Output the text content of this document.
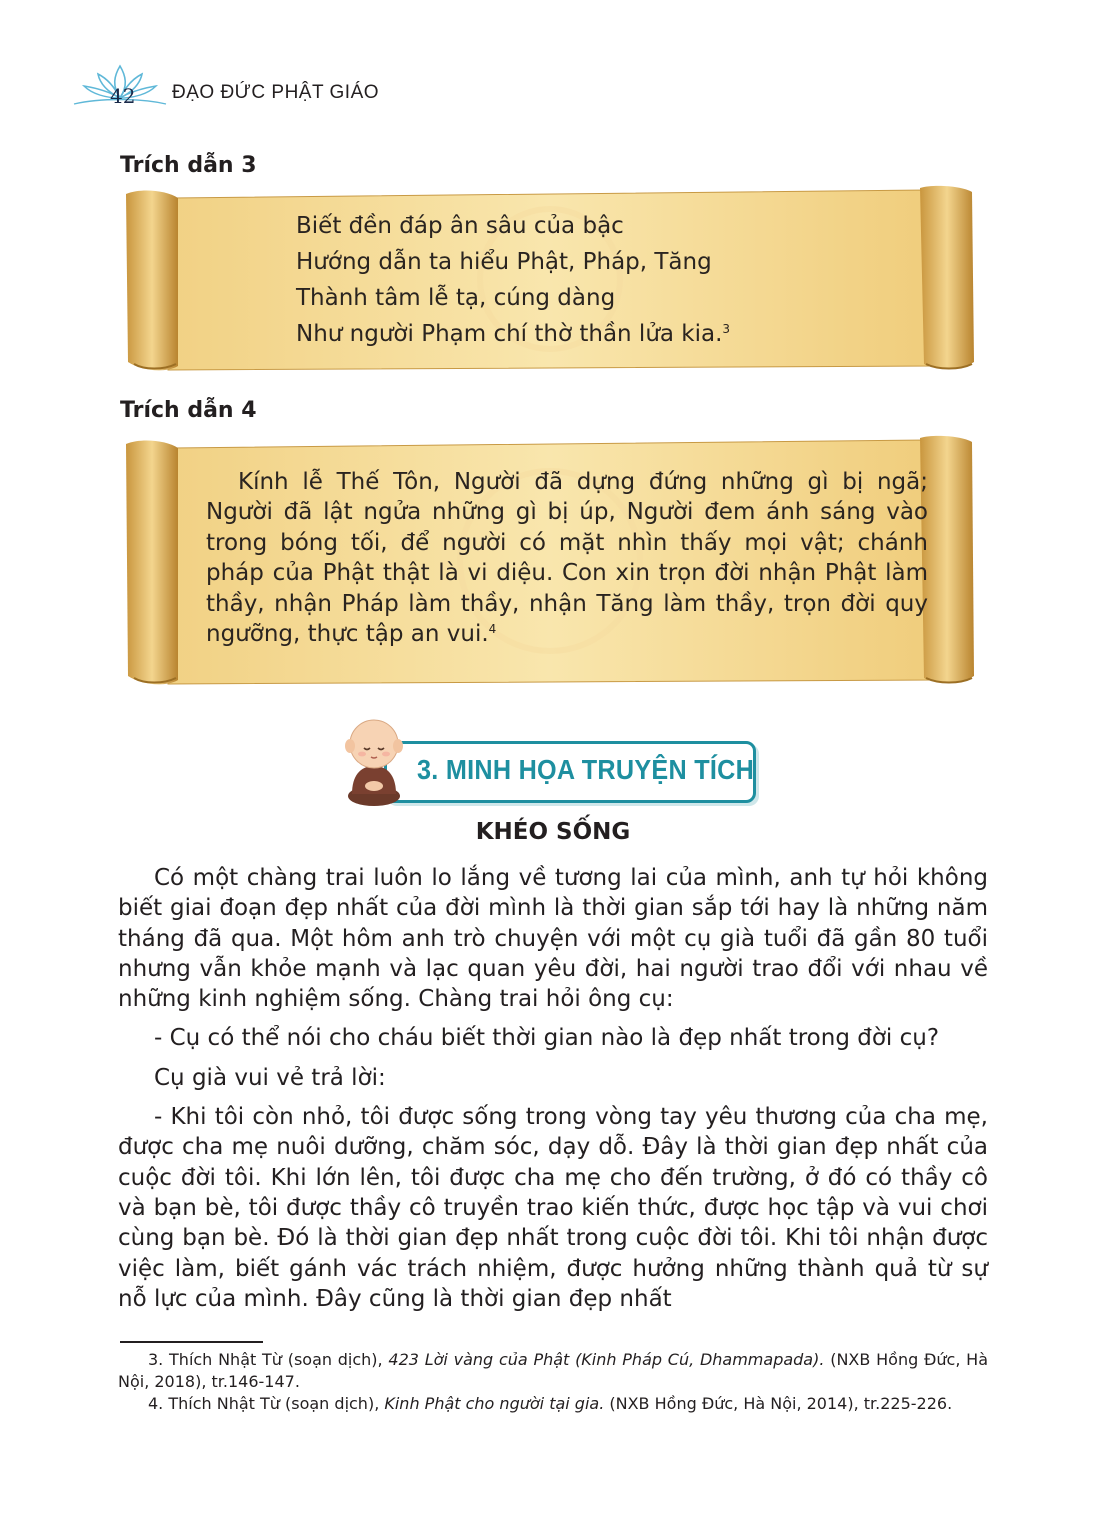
42 ĐẠO ĐỨC PHẬT GIÁO
Trích dẫn 3
Biết đền đáp ân sâu của bậc
Hướng dẫn ta hiểu Phật, Pháp, Tăng
Thành tâm lễ tạ, cúng dàng
Như người Phạm chí thờ thần lửa kia.$^3$
Trích dẫn 4
Kính lễ Thế Tôn, Người đã dựng đứng những gì bị ngã; Người đã lật ngửa những gì bị úp, Người đem ánh sáng vào trong bóng tối, để người có mặt nhìn thấy mọi vật; chánh pháp của Phật thật là vi diệu. Con xin trọn đời nhận Phật làm thầy, nhận Pháp làm thầy, nhận Tăng làm thầy, trọn đời quy ngưỡng, thực tập an vui.$^4$
3. MINH HỌA TRUYỆN TÍCH
KHÉO SỐNG

Có một chàng trai luôn lo lắng về tương lai của mình, anh tự hỏi không biết giai đoạn đẹp nhất của đời mình là thời gian sắp tới hay là những năm tháng đã qua. Một hôm anh trò chuyện với một cụ già tuổi đã gần 80 tuổi nhưng vẫn khỏe mạnh và lạc quan yêu đời, hai người trao đổi với nhau về những kinh nghiệm sống. Chàng trai hỏi ông cụ:

- Cụ có thể nói cho cháu biết thời gian nào là đẹp nhất trong đời cụ?

Cụ già vui vẻ trả lời:

- Khi tôi còn nhỏ, tôi được sống trong vòng tay yêu thương của cha mẹ, được cha mẹ nuôi dưỡng, chăm sóc, dạy dỗ. Đây là thời gian đẹp nhất của cuộc đời tôi. Khi lớn lên, tôi được cha mẹ cho đến trường, ở đó có thầy cô và bạn bè, tôi được thầy cô truyền trao kiến thức, được học tập và vui chơi cùng bạn bè. Đó là thời gian đẹp nhất trong cuộc đời tôi. Khi tôi nhận được việc làm, biết gánh vác trách nhiệm, được hưởng những thành quả từ sự nỗ lực của mình. Đây cũng là thời gian đẹp nhất

3. Thích Nhật Từ (soạn dịch), 423 Lời vàng của Phật (Kinh Pháp Cú, Dhammapada). (NXB Hồng Đức, Hà Nội, 2018), tr.146-147.

4. Thích Nhật Từ (soạn dịch), Kinh Phật cho người tại gia. (NXB Hồng Đức, Hà Nội, 2014), tr.225-226.
